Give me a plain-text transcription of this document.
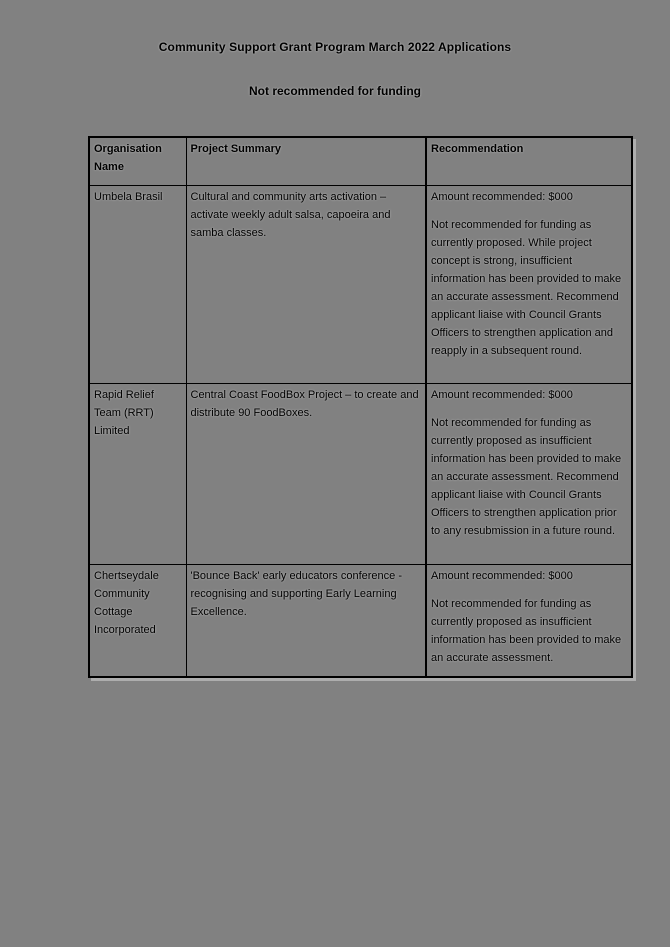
Community Support Grant Program March 2022 Applications
Not recommended for funding
Organisation Name	Project Summary	Recommendation
Umbela Brasil	Cultural and community arts activation – activate weekly adult salsa, capoeira and samba classes.	Amount recommended: $000

Not recommended for funding as currently proposed. While project concept is strong, insufficient information has been provided to make an accurate assessment. Recommend applicant liaise with Council Grants Officers to strengthen application and reapply in a subsequent round.

Rapid Relief Team (RRT) Limited	Central Coast FoodBox Project – to create and distribute 90 FoodBoxes.	Amount recommended: $000

Not recommended for funding as currently proposed as insufficient information has been provided to make an accurate assessment. Recommend applicant liaise with Council Grants Officers to strengthen application prior to any resubmission in a future round.

Chertseydale Community Cottage Incorporated	'Bounce Back' early educators conference - recognising and supporting Early Learning Excellence.	Amount recommended: $000

Not recommended for funding as currently proposed as insufficient information has been provided to make an accurate assessment.
